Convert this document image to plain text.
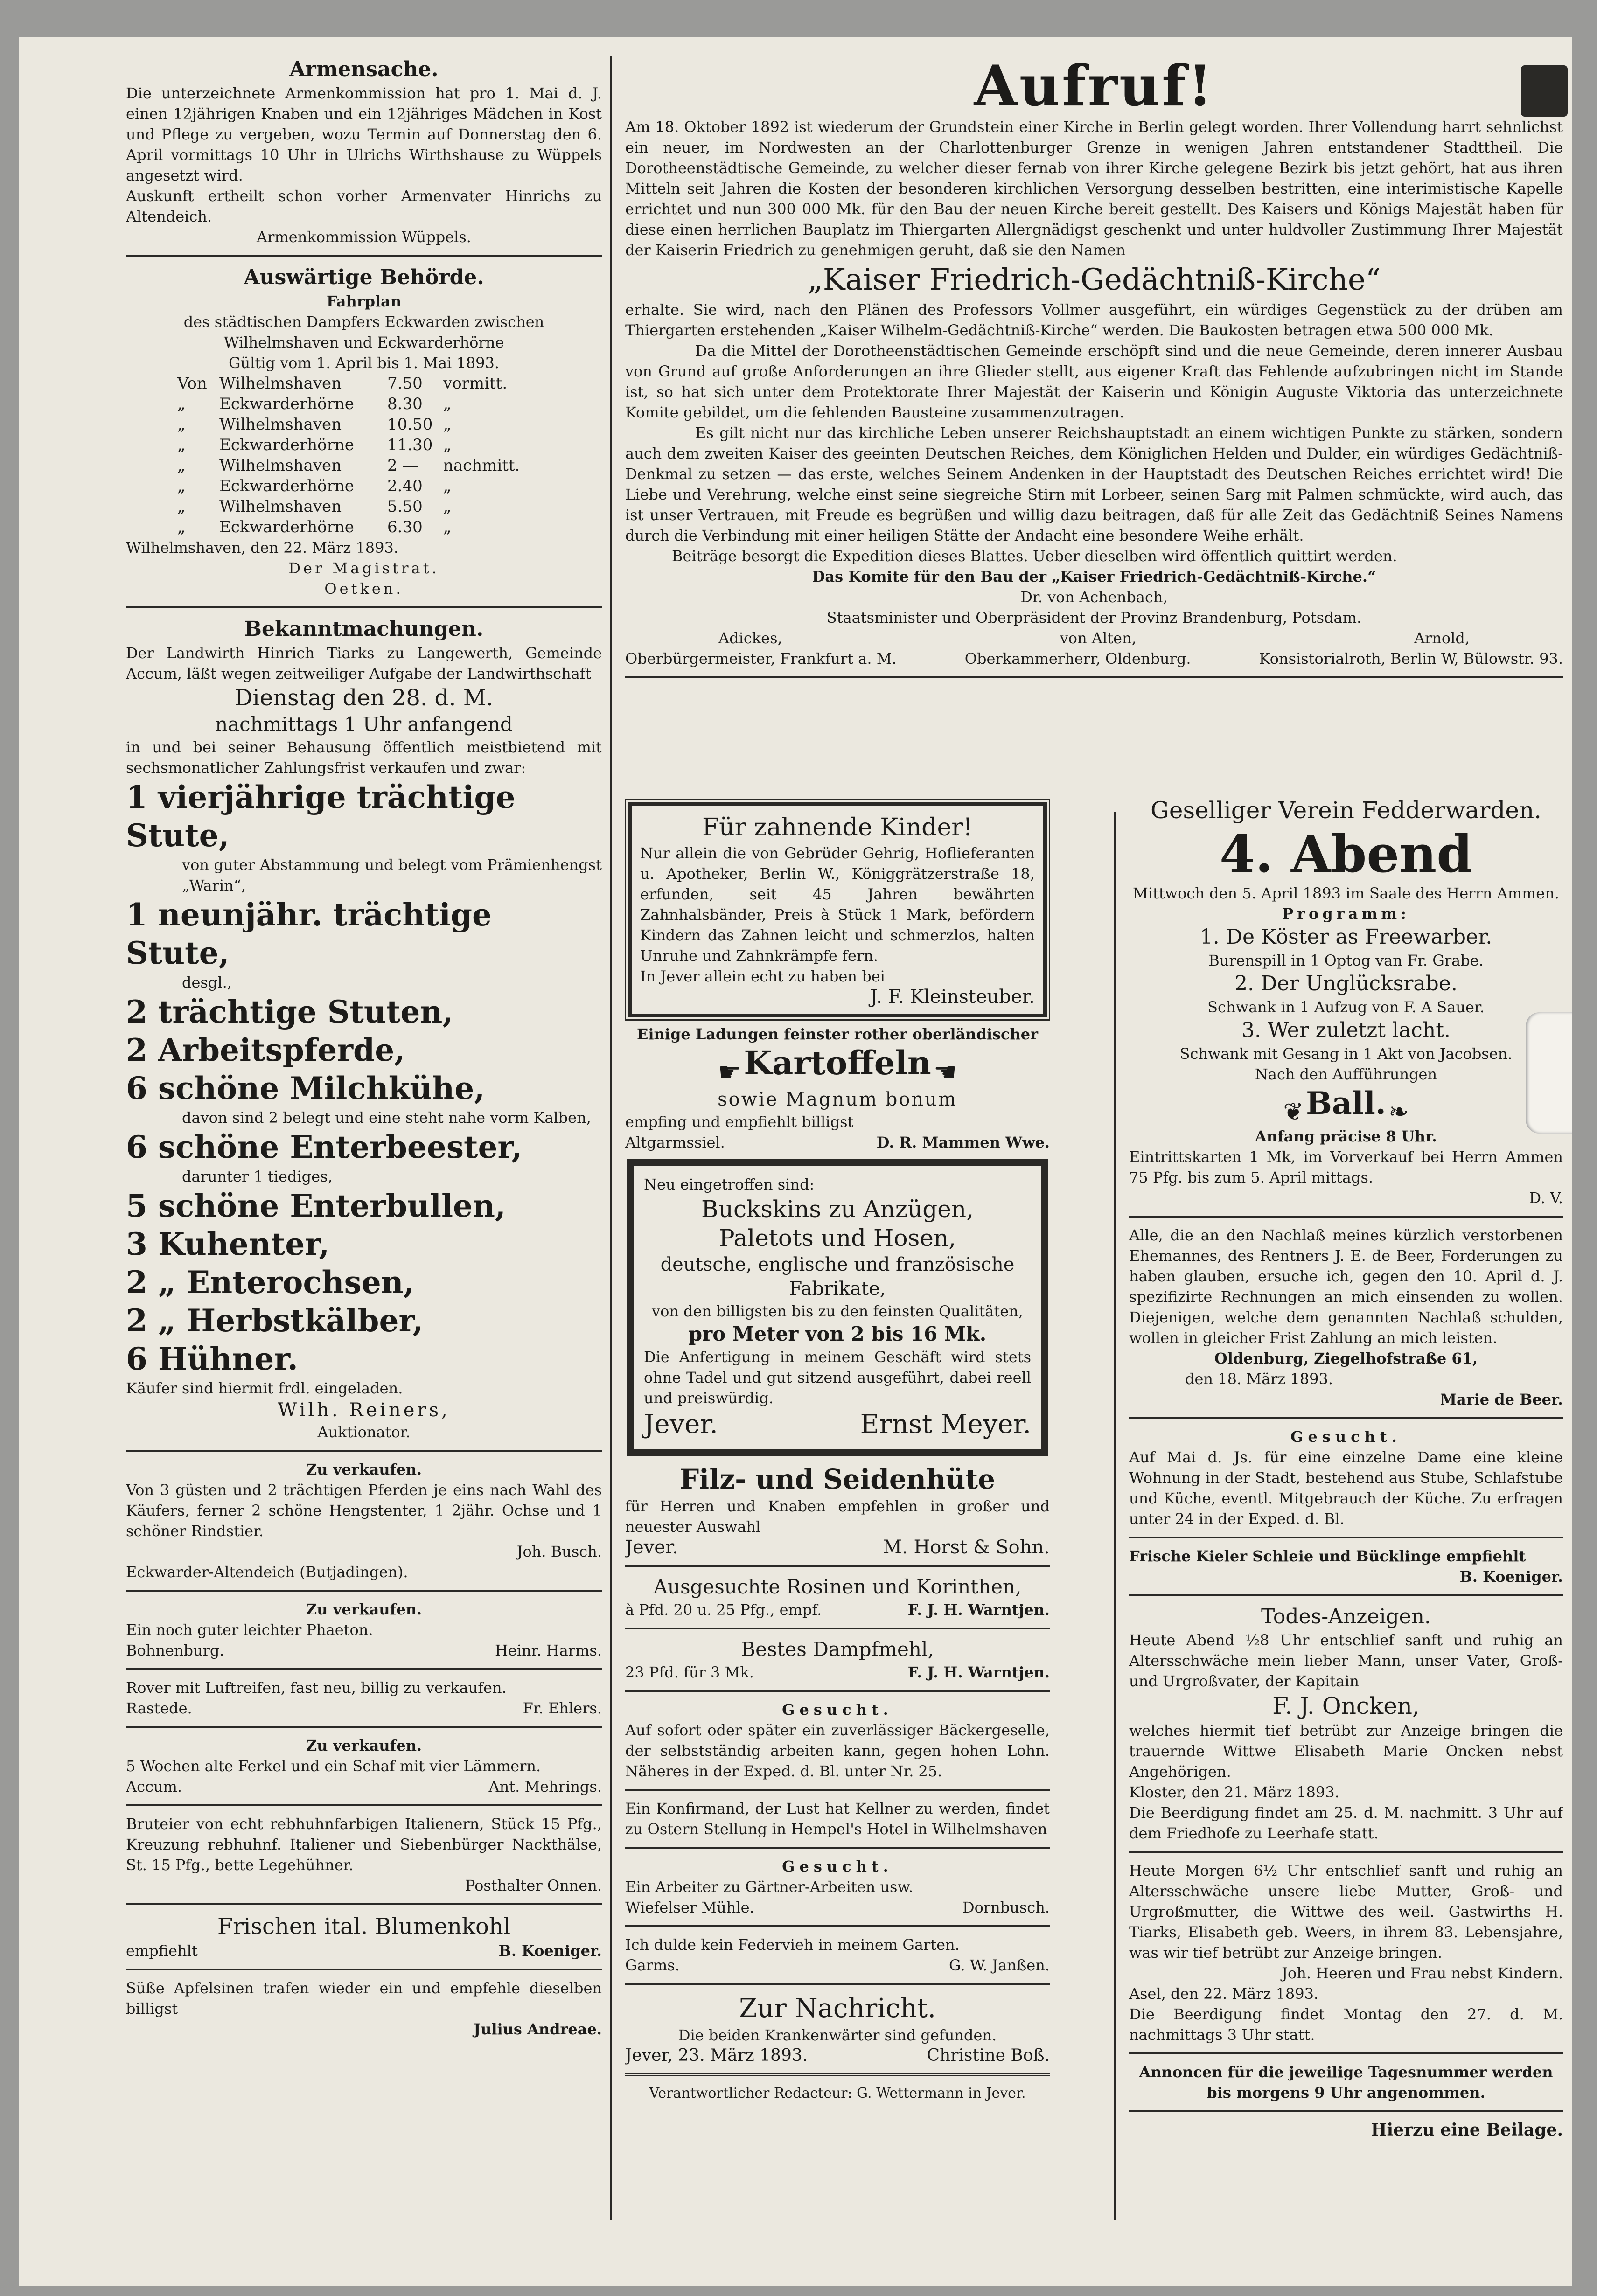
Armensache.
Die unterzeichnete Armenkommission hat pro 1. Mai d. J. einen 12jährigen Knaben und ein 12jähriges Mädchen in Kost und Pflege zu vergeben, wozu Termin auf Donnerstag den 6. April vormittags 10 Uhr in Ulrichs Wirthshause zu Wüppels angesetzt wird.
Auskunft ertheilt schon vorher Armenvater Hinrichs zu Altendeich.
Armenkommission Wüppels.
Auswärtige Behörde.
Fahrplan
des städtischen Dampfers Eckwarden zwischen Wilhelmshaven und Eckwarderhörne
Gültig vom 1. April bis 1. Mai 1893.
Von Wilhelmshaven	7.50 vormitt.
„ Eckwarderhörne 8.30 „
„ Wilhelmshaven	10.50 „
„ Eckwarderhörne 11.30 „
„ Wilhelmshaven	2 — nachmitt.
„ Eckwarderhörne 2.40 „
„ Wilhelmshaven	5.50 „
„ Eckwarderhörne 6.30 „
Wilhelmshaven, den 22. März 1893.
Der Magistrat.
Oetken.
Bekanntmachungen.
Der Landwirth Hinrich Tiarks zu Langewerth, Gemeinde Accum, läßt wegen zeitweiliger Aufgabe der Landwirthschaft
Dienstag den 28. d. M.
nachmittags 1 Uhr anfangend
in und bei seiner Behausung öffentlich meistbietend mit sechsmonatlicher Zahlungsfrist verkaufen und zwar:
1 vierjährige trächtige Stute,
von guter Abstammung und belegt vom Prämienhengst „Warin“,
1 neunjähr. trächtige Stute,
desgl.,
2 trächtige Stuten,
2 Arbeitspferde,
6 schöne Milchkühe,
davon sind 2 belegt und eine steht nahe vorm Kalben,
6 schöne Enterbeester,
darunter 1 tiediges,
5 schöne Enterbullen,
3 Kuhenter,
2 „ Enterochsen,
2 „ Herbstkälber,
6 Hühner.
Käufer sind hiermit frdl. eingeladen.
Wilh. Reiners,
Auktionator.
Zu verkaufen.
Von 3 güsten und 2 trächtigen Pferden je eins nach Wahl des Käufers, ferner 2 schöne Hengstenter, 1 2jähr. Ochse und 1 schöner Rindstier.
Joh. Busch.
Eckwarder-Altendeich (Butjadingen).
Zu verkaufen.
Ein noch guter leichter Phaeton.
Bohnenburg.	Heinr. Harms.
Rover mit Luftreifen, fast neu, billig zu verkaufen.
Rastede.	Fr. Ehlers.
Zu verkaufen.
5 Wochen alte Ferkel und ein Schaf mit vier Lämmern.
Accum.	Ant. Mehrings.
Bruteier von echt rebhuhnfarbigen Italienern, Stück 15 Pfg., Kreuzung rebhuhnf. Italiener und Siebenbürger Nackthälse, St. 15 Pfg., bette Legehühner.
Posthalter Onnen.
Frischen ital. Blumenkohl
empfiehlt	B. Koeniger.
Süße Apfelsinen trafen wieder ein und empfehle dieselben billigst
Julius Andreae.
Aufruf!
Am 18. Oktober 1892 ist wiederum der Grundstein einer Kirche in Berlin gelegt worden. Ihrer Vollendung harrt sehnlichst ein neuer, im Nordwesten an der Charlottenburger Grenze in wenigen Jahren entstandener Stadttheil. Die Dorotheenstädtische Gemeinde, zu welcher dieser fernab von ihrer Kirche gelegene Bezirk bis jetzt gehört, hat aus ihren Mitteln seit Jahren die Kosten der besonderen kirchlichen Versorgung desselben bestritten, eine interimistische Kapelle errichtet und nun 300 000 Mk. für den Bau der neuen Kirche bereit gestellt. Des Kaisers und Königs Majestät haben für diese einen herrlichen Bauplatz im Thiergarten Allergnädigst geschenkt und unter huldvoller Zustimmung Ihrer Majestät der Kaiserin Friedrich zu genehmigen geruht, daß sie den Namen
„Kaiser Friedrich-Gedächtniß-Kirche“
erhalte. Sie wird, nach den Plänen des Professors Vollmer ausgeführt, ein würdiges Gegenstück zu der drüben am Thiergarten erstehenden „Kaiser Wilhelm-Gedächtniß-Kirche“ werden. Die Baukosten betragen etwa 500 000 Mk.
Da die Mittel der Dorotheenstädtischen Gemeinde erschöpft sind und die neue Gemeinde, deren innerer Ausbau von Grund auf große Anforderungen an ihre Glieder stellt, aus eigener Kraft das Fehlende aufzubringen nicht im Stande ist, so hat sich unter dem Protektorate Ihrer Majestät der Kaiserin und Königin Auguste Viktoria das unterzeichnete Komite gebildet, um die fehlenden Bausteine zusammenzutragen.
Es gilt nicht nur das kirchliche Leben unserer Reichshauptstadt an einem wichtigen Punkte zu stärken, sondern auch dem zweiten Kaiser des geeinten Deutschen Reiches, dem Königlichen Helden und Dulder, ein würdiges Gedächtniß-Denkmal zu setzen — das erste, welches Seinem Andenken in der Hauptstadt des Deutschen Reiches errichtet wird! Die Liebe und Verehrung, welche einst seine siegreiche Stirn mit Lorbeer, seinen Sarg mit Palmen schmückte, wird auch, das ist unser Vertrauen, mit Freude es begrüßen und willig dazu beitragen, daß für alle Zeit das Gedächtniß Seines Namens durch die Verbindung mit einer heiligen Stätte der Andacht eine besondere Weihe erhält.
Beiträge besorgt die Expedition dieses Blattes. Ueber dieselben wird öffentlich quittirt werden.
Das Komite für den Bau der „Kaiser Friedrich-Gedächtniß-Kirche.“
Dr. von Achenbach,
Staatsminister und Oberpräsident der Provinz Brandenburg, Potsdam.
Adickes,	von Alten,	Arnold,
Oberbürgermeister, Frankfurt a. M.	Oberkammerherr, Oldenburg.	Konsistorialroth, Berlin W, Bülowstr. 93.
Für zahnende Kinder!
Nur allein die von Gebrüder Gehrig, Hoflieferanten u. Apotheker, Berlin W., Königgrätzerstraße 18, erfunden, seit 45 Jahren bewährten Zahnhalsbänder, Preis à Stück 1 Mark, befördern Kindern das Zahnen leicht und schmerzlos, halten Unruhe und Zahnkrämpfe fern.
In Jever allein echt zu haben bei
J. F. Kleinsteuber.
Einige Ladungen feinster rother oberländischer
☛ Kartoffeln ☚
sowie Magnum bonum
empfing und empfiehlt billigst
Altgarmssiel.	D. R. Mammen Wwe.
Neu eingetroffen sind:
Buckskins zu Anzügen,
Paletots und Hosen,
deutsche, englische und französische Fabrikate,
von den billigsten bis zu den feinsten Qualitäten,
pro Meter von 2 bis 16 Mk.
Die Anfertigung in meinem Geschäft wird stets ohne Tadel und gut sitzend ausgeführt, dabei reell und preiswürdig.
Jever.	Ernst Meyer.
Filz- und Seidenhüte
für Herren und Knaben empfehlen in großer und neuester Auswahl
Jever.	M. Horst & Sohn.
Ausgesuchte Rosinen und Korinthen,
à Pfd. 20 u. 25 Pfg., empf.	F. J. H. Warntjen.
Bestes Dampfmehl,
23 Pfd. für 3 Mk.	F. J. H. Warntjen.
Gesucht.
Auf sofort oder später ein zuverlässiger Bäckergeselle, der selbstständig arbeiten kann, gegen hohen Lohn. Näheres in der Exped. d. Bl. unter Nr. 25.
Ein Konfirmand, der Lust hat Kellner zu werden, findet zu Ostern Stellung in Hempel's Hotel in Wilhelmshaven
Gesucht.
Ein Arbeiter zu Gärtner-Arbeiten usw.
Wiefelser Mühle.	Dornbusch.
Ich dulde kein Federvieh in meinem Garten.
Garms.	G. W. Janßen.
Zur Nachricht.
Die beiden Krankenwärter sind gefunden.
Jever, 23. März 1893.	Christine Boß.
Verantwortlicher Redacteur: G. Wettermann in Jever.
Geselliger Verein Fedderwarden.
4. Abend
Mittwoch den 5. April 1893 im Saale des Herrn Ammen.
Programm:
1. De Köster as Freewarber.
Burenspill in 1 Optog van Fr. Grabe.
2. Der Unglücksrabe.
Schwank in 1 Aufzug von F. A Sauer.
3. Wer zuletzt lacht.
Schwank mit Gesang in 1 Akt von Jacobsen.
Nach den Aufführungen
❦ Ball. ❧
Anfang präcise 8 Uhr.
Eintrittskarten 1 Mk, im Vorverkauf bei Herrn Ammen 75 Pfg. bis zum 5. April mittags.
D. V.
Alle, die an den Nachlaß meines kürzlich verstorbenen Ehemannes, des Rentners J. E. de Beer, Forderungen zu haben glauben, ersuche ich, gegen den 10. April d. J. spezifizirte Rechnungen an mich einsenden zu wollen. Diejenigen, welche dem genannten Nachlaß schulden, wollen in gleicher Frist Zahlung an mich leisten.
Oldenburg, Ziegelhofstraße 61,
den 18. März 1893.
Marie de Beer.
Gesucht.
Auf Mai d. Js. für eine einzelne Dame eine kleine Wohnung in der Stadt, bestehend aus Stube, Schlafstube und Küche, eventl. Mitgebrauch der Küche. Zu erfragen unter 24 in der Exped. d. Bl.
Frische Kieler Schleie und Bücklinge empfiehlt
B. Koeniger.
Todes-Anzeigen.
Heute Abend ½8 Uhr entschlief sanft und ruhig an Altersschwäche mein lieber Mann, unser Vater, Groß- und Urgroßvater, der Kapitain
F. J. Oncken,
welches hiermit tief betrübt zur Anzeige bringen die trauernde Wittwe Elisabeth Marie Oncken nebst Angehörigen.
Kloster, den 21. März 1893.
Die Beerdigung findet am 25. d. M. nachmitt. 3 Uhr auf dem Friedhofe zu Leerhafe statt.
Heute Morgen 6½ Uhr entschlief sanft und ruhig an Altersschwäche unsere liebe Mutter, Groß- und Urgroßmutter, die Wittwe des weil. Gastwirths H. Tiarks, Elisabeth geb. Weers, in ihrem 83. Lebensjahre, was wir tief betrübt zur Anzeige bringen.
Joh. Heeren und Frau nebst Kindern.
Asel, den 22. März 1893.
Die Beerdigung findet Montag den 27. d. M. nachmittags 3 Uhr statt.
Annoncen für die jeweilige Tagesnummer werden bis morgens 9 Uhr angenommen.
Hierzu eine Beilage.
